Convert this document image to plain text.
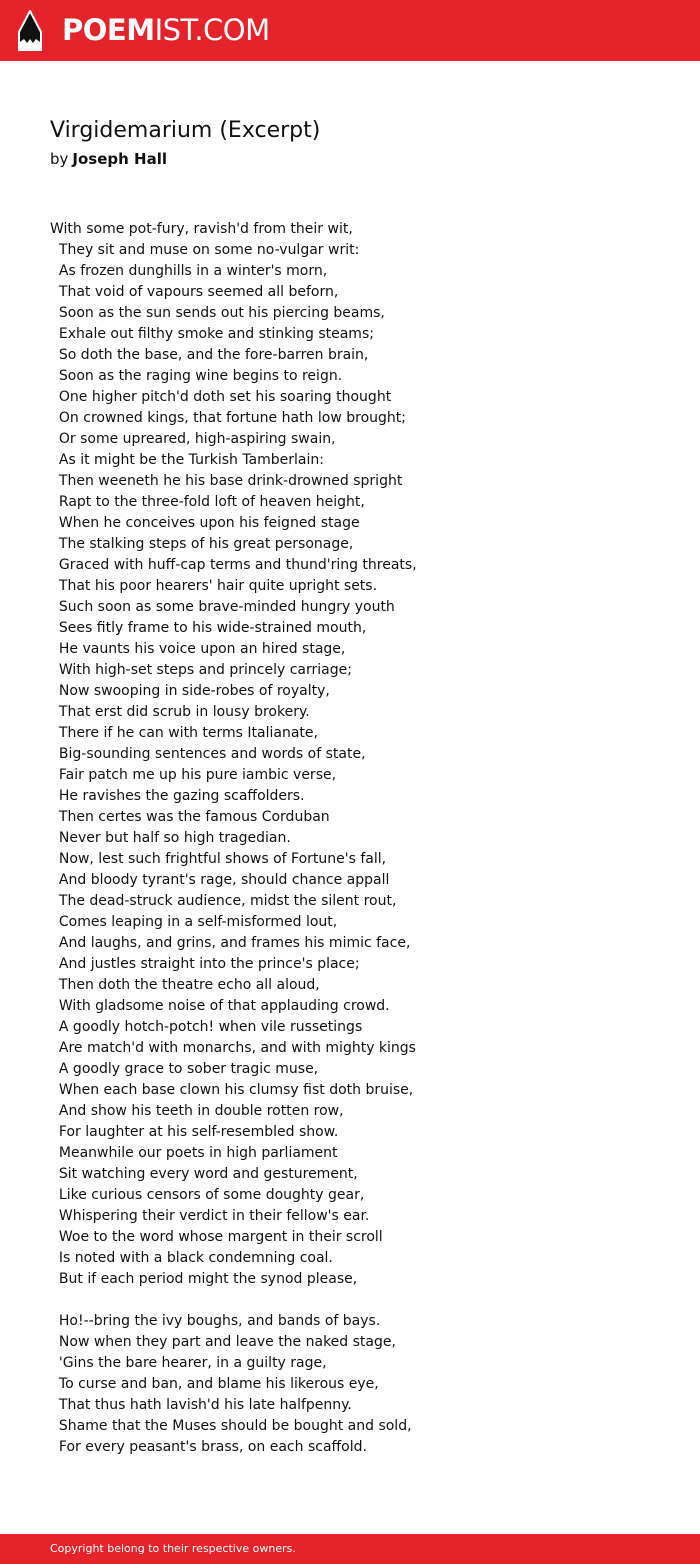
POEMIST.COM
Virgidemarium (Excerpt)
by Joseph Hall
With some pot-fury, ravish'd from their wit,
They sit and muse on some no-vulgar writ:
As frozen dunghills in a winter's morn,
That void of vapours seemed all beforn,
Soon as the sun sends out his piercing beams,
Exhale out filthy smoke and stinking steams;
So doth the base, and the fore-barren brain,
Soon as the raging wine begins to reign.
One higher pitch'd doth set his soaring thought
On crowned kings, that fortune hath low brought;
Or some upreared, high-aspiring swain,
As it might be the Turkish Tamberlain:
Then weeneth he his base drink-drowned spright
Rapt to the three-fold loft of heaven height,
When he conceives upon his feigned stage
The stalking steps of his great personage,
Graced with huff-cap terms and thund'ring threats,
That his poor hearers' hair quite upright sets.
Such soon as some brave-minded hungry youth
Sees fitly frame to his wide-strained mouth,
He vaunts his voice upon an hired stage,
With high-set steps and princely carriage;
Now swooping in side-robes of royalty,
That erst did scrub in lousy brokery.
There if he can with terms Italianate,
Big-sounding sentences and words of state,
Fair patch me up his pure iambic verse,
He ravishes the gazing scaffolders.
Then certes was the famous Corduban
Never but half so high tragedian.
Now, lest such frightful shows of Fortune's fall,
And bloody tyrant's rage, should chance appall
The dead-struck audience, midst the silent rout,
Comes leaping in a self-misformed lout,
And laughs, and grins, and frames his mimic face,
And justles straight into the prince's place;
Then doth the theatre echo all aloud,
With gladsome noise of that applauding crowd.
A goodly hotch-potch! when vile russetings
Are match'd with monarchs, and with mighty kings
A goodly grace to sober tragic muse,
When each base clown his clumsy fist doth bruise,
And show his teeth in double rotten row,
For laughter at his self-resembled show.
Meanwhile our poets in high parliament
Sit watching every word and gesturement,
Like curious censors of some doughty gear,
Whispering their verdict in their fellow's ear.
Woe to the word whose margent in their scroll
Is noted with a black condemning coal.
But if each period might the synod please,
Ho!--bring the ivy boughs, and bands of bays.
Now when they part and leave the naked stage,
'Gins the bare hearer, in a guilty rage,
To curse and ban, and blame his likerous eye,
That thus hath lavish'd his late halfpenny.
Shame that the Muses should be bought and sold,
For every peasant's brass, on each scaffold.
Copyright belong to their respective owners.
